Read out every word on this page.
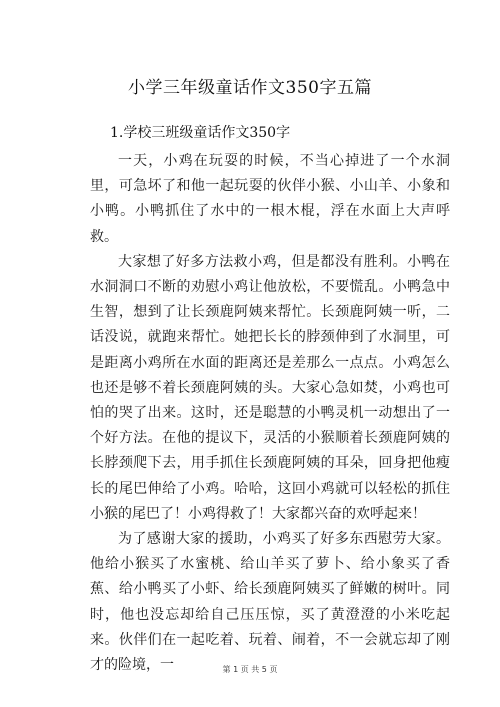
小学三年级童话作文350字五篇
1.学校三班级童话作文350字

一天，小鸡在玩耍的时候，不当心掉进了一个水洞里，可急坏了和他一起玩耍的伙伴小猴、小山羊、小象和小鸭。小鸭抓住了水中的一根木棍，浮在水面上大声呼救。

大家想了好多方法救小鸡，但是都没有胜利。小鸭在水洞洞口不断的劝慰小鸡让他放松，不要慌乱。小鸭急中生智，想到了让长颈鹿阿姨来帮忙。长颈鹿阿姨一听，二话没说，就跑来帮忙。她把长长的脖颈伸到了水洞里，可是距离小鸡所在水面的距离还是差那么一点点。小鸡怎么也还是够不着长颈鹿阿姨的头。大家心急如焚，小鸡也可怕的哭了出来。这时，还是聪慧的小鸭灵机一动想出了一个好方法。在他的提议下，灵活的小猴顺着长颈鹿阿姨的长脖颈爬下去，用手抓住长颈鹿阿姨的耳朵，回身把他瘦长的尾巴伸给了小鸡。哈哈，这回小鸡就可以轻松的抓住小猴的尾巴了！小鸡得救了！大家都兴奋的欢呼起来！

为了感谢大家的援助，小鸡买了好多东西慰劳大家。他给小猴买了水蜜桃、给山羊买了萝卜、给小象买了香蕉、给小鸭买了小虾、给长颈鹿阿姨买了鲜嫩的树叶。同时，他也没忘却给自己压压惊，买了黄澄澄的小米吃起来。伙伴们在一起吃着、玩着、闹着，不一会就忘却了刚才的险境，一	第 1 页 共 5 页
